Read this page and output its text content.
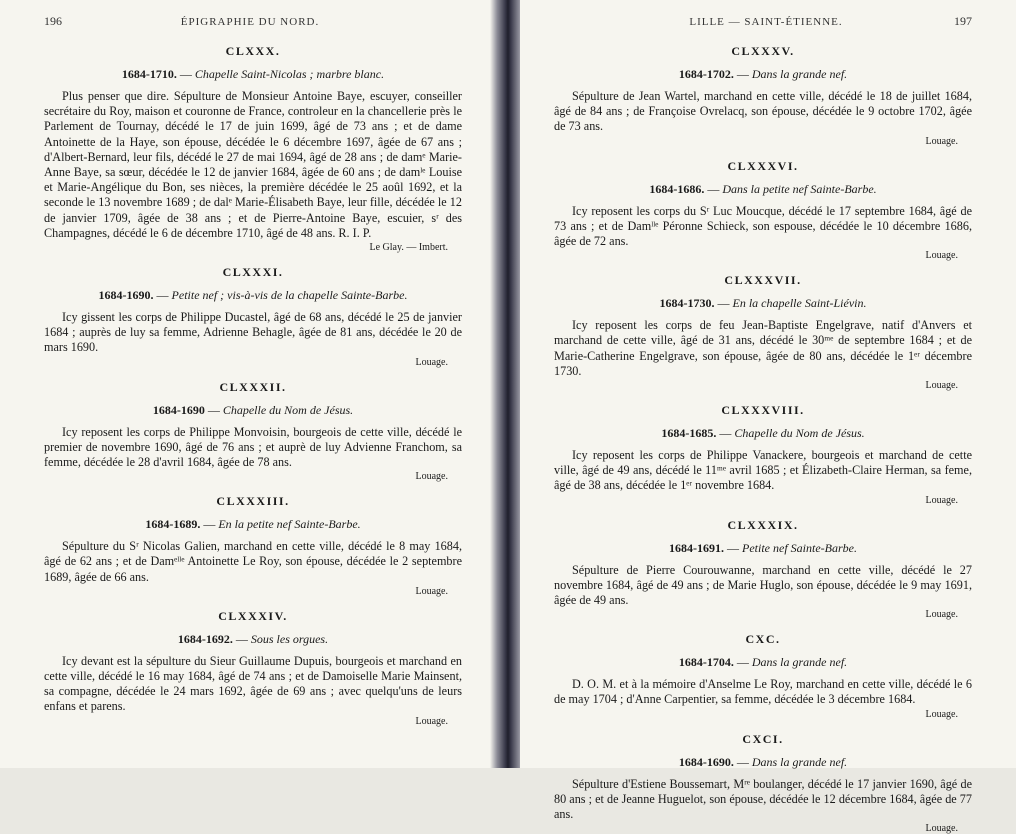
196	ÉPIGRAPHIE DU NORD.
CLXXX.
1684-1710. — Chapelle Saint-Nicolas ; marbre blanc.

Plus penser que dire. Sépulture de Monsieur Antoine Baye, escuyer, conseiller secrétaire du Roy, maison et couronne de France, controleur en la chancellerie près le Parlement de Tournay, décédé le 17 de juin 1699, âgé de 73 ans ; et de dame Antoinette de la Haye, son épouse, décédée le 6 décembre 1697, âgée de 67 ans ; d'Albert-Bernard, leur fils, décédé le 27 de mai 1694, âgé de 28 ans ; de damᵉ Marie-Anne Baye, sa sœur, décédée le 12 de janvier 1684, âgée de 60 ans ; de damˡᵉ Louise et Marie-Angélique du Bon, ses nièces, la première décédée le 25 aoûl 1692, et la seconde le 13 novembre 1689 ; de dalᵉ Marie-Élisabeth Baye, leur fille, décédée le 12 de janvier 1709, âgée de 38 ans ; et de Pierre-Antoine Baye, escuier, sʳ des Champagnes, décédé le 6 de décembre 1710, âgé de 48 ans. R. I. P.

Le Glay. — Imbert.
CLXXXI.
1684-1690. — Petite nef ; vis-à-vis de la chapelle Sainte-Barbe.

Icy gissent les corps de Philippe Ducastel, âgé de 68 ans, décédé le 25 de janvier 1684 ; auprès de luy sa femme, Adrienne Behagle, âgée de 81 ans, décédée le 20 de mars 1690.

Louage.
CLXXXII.
1684-1690 — Chapelle du Nom de Jésus.

Icy reposent les corps de Philippe Monvoisin, bourgeois de cette ville, décédé le premier de novembre 1690, âgé de 76 ans ; et auprè de luy Advienne Franchom, sa femme, décédée le 28 d'avril 1684, âgée de 78 ans.

Louage.
CLXXXIII.
1684-1689. — En la petite nef Sainte-Barbe.

Sépulture du Sʳ Nicolas Galien, marchand en cette ville, décédé le 8 may 1684, âgé de 62 ans ; et de Damᵉˡˡᵉ Antoinette Le Roy, son épouse, décédée le 2 septembre 1689, âgée de 66 ans.

Louage.
CLXXXIV.
1684-1692. — Sous les orgues.

Icy devant est la sépulture du Sieur Guillaume Dupuis, bourgeois et marchand en cette ville, décédé le 16 may 1684, âgé de 74 ans ; et de Damoiselle Marie Mainsent, sa compagne, décédée le 24 mars 1692, âgée de 69 ans ; avec quelqu'uns de leurs enfans et parens.

Louage.
LILLE — SAINT-ÉTIENNE.	197
CLXXXV.
1684-1702. — Dans la grande nef.

Sépulture de Jean Wartel, marchand en cette ville, décédé le 18 de juillet 1684, âgé de 84 ans ; de Françoise Ovrelacq, son épouse, décédée le 9 octobre 1702, âgée de 73 ans.

Louage.
CLXXXVI.
1684-1686. — Dans la petite nef Sainte-Barbe.

Icy reposent les corps du Sʳ Luc Moucque, décédé le 17 septembre 1684, âgé de 73 ans ; et de Damˡˡᵉ Péronne Schieck, son espouse, décédée le 10 décembre 1686, âgée de 72 ans.

Louage.
CLXXXVII.
1684-1730. — En la chapelle Saint-Liévin.

Icy reposent les corps de feu Jean-Baptiste Engelgrave, natif d'Anvers et marchand de cette ville, âgé de 31 ans, décédé le 30ᵐᵉ de septembre 1684 ; et de Marie-Catherine Engelgrave, son épouse, âgée de 80 ans, décédée le 1ᵉʳ décembre 1730.

Louage.
CLXXXVIII.
1684-1685. — Chapelle du Nom de Jésus.

Icy reposent les corps de Philippe Vanackere, bourgeois et marchand de cette ville, âgé de 49 ans, décédé le 11ᵐᵉ avril 1685 ; et Élizabeth-Claire Herman, sa feme, âgé de 38 ans, décédée le 1ᵉʳ novembre 1684.

Louage.
CLXXXIX.
1684-1691. — Petite nef Sainte-Barbe.

Sépulture de Pierre Courouwanne, marchand en cette ville, décédé le 27 novembre 1684, âgé de 49 ans ; de Marie Huglo, son épouse, décédée le 9 may 1691, âgée de 49 ans.

Louage.
CXC.
1684-1704. — Dans la grande nef.

D. O. M. et à la mémoire d'Anselme Le Roy, marchand en cette ville, décédé le 6 de may 1704 ; d'Anne Carpentier, sa femme, décédée le 3 décembre 1684.

Louage.
CXCI.
1684-1690. — Dans la grande nef.

Sépulture d'Estiene Boussemart, Mʳᵉ boulanger, décédé le 17 janvier 1690, âgé de 80 ans ; et de Jeanne Huguelot, son épouse, décédée le 12 décembre 1684, âgée de 77 ans.

Louage.
